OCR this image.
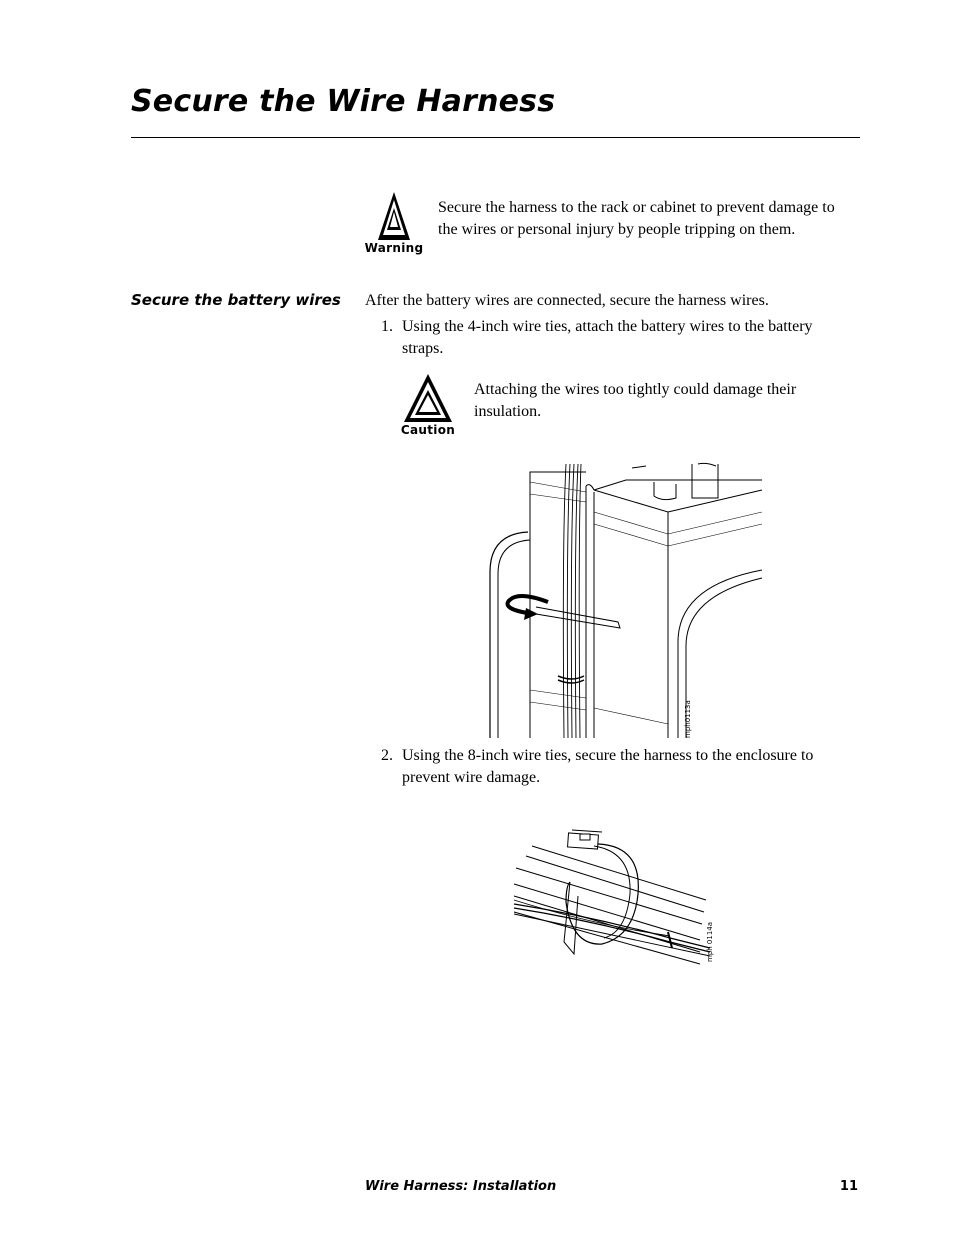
Secure the Wire Harness
Warning
Secure the harness to the rack or cabinet to prevent damage to the wires or personal injury by people tripping on them.
Secure the battery wires After the battery wires are connected, secure the harness wires.
1. Using the 4-inch wire ties, attach the battery wires to the battery straps.
Caution
Attaching the wires too tightly could damage their insulation.
mph0113a
2. Using the 8-inch wire ties, secure the harness to the enclosure to prevent wire damage.
mph 0114a
Wire Harness: Installation	11
